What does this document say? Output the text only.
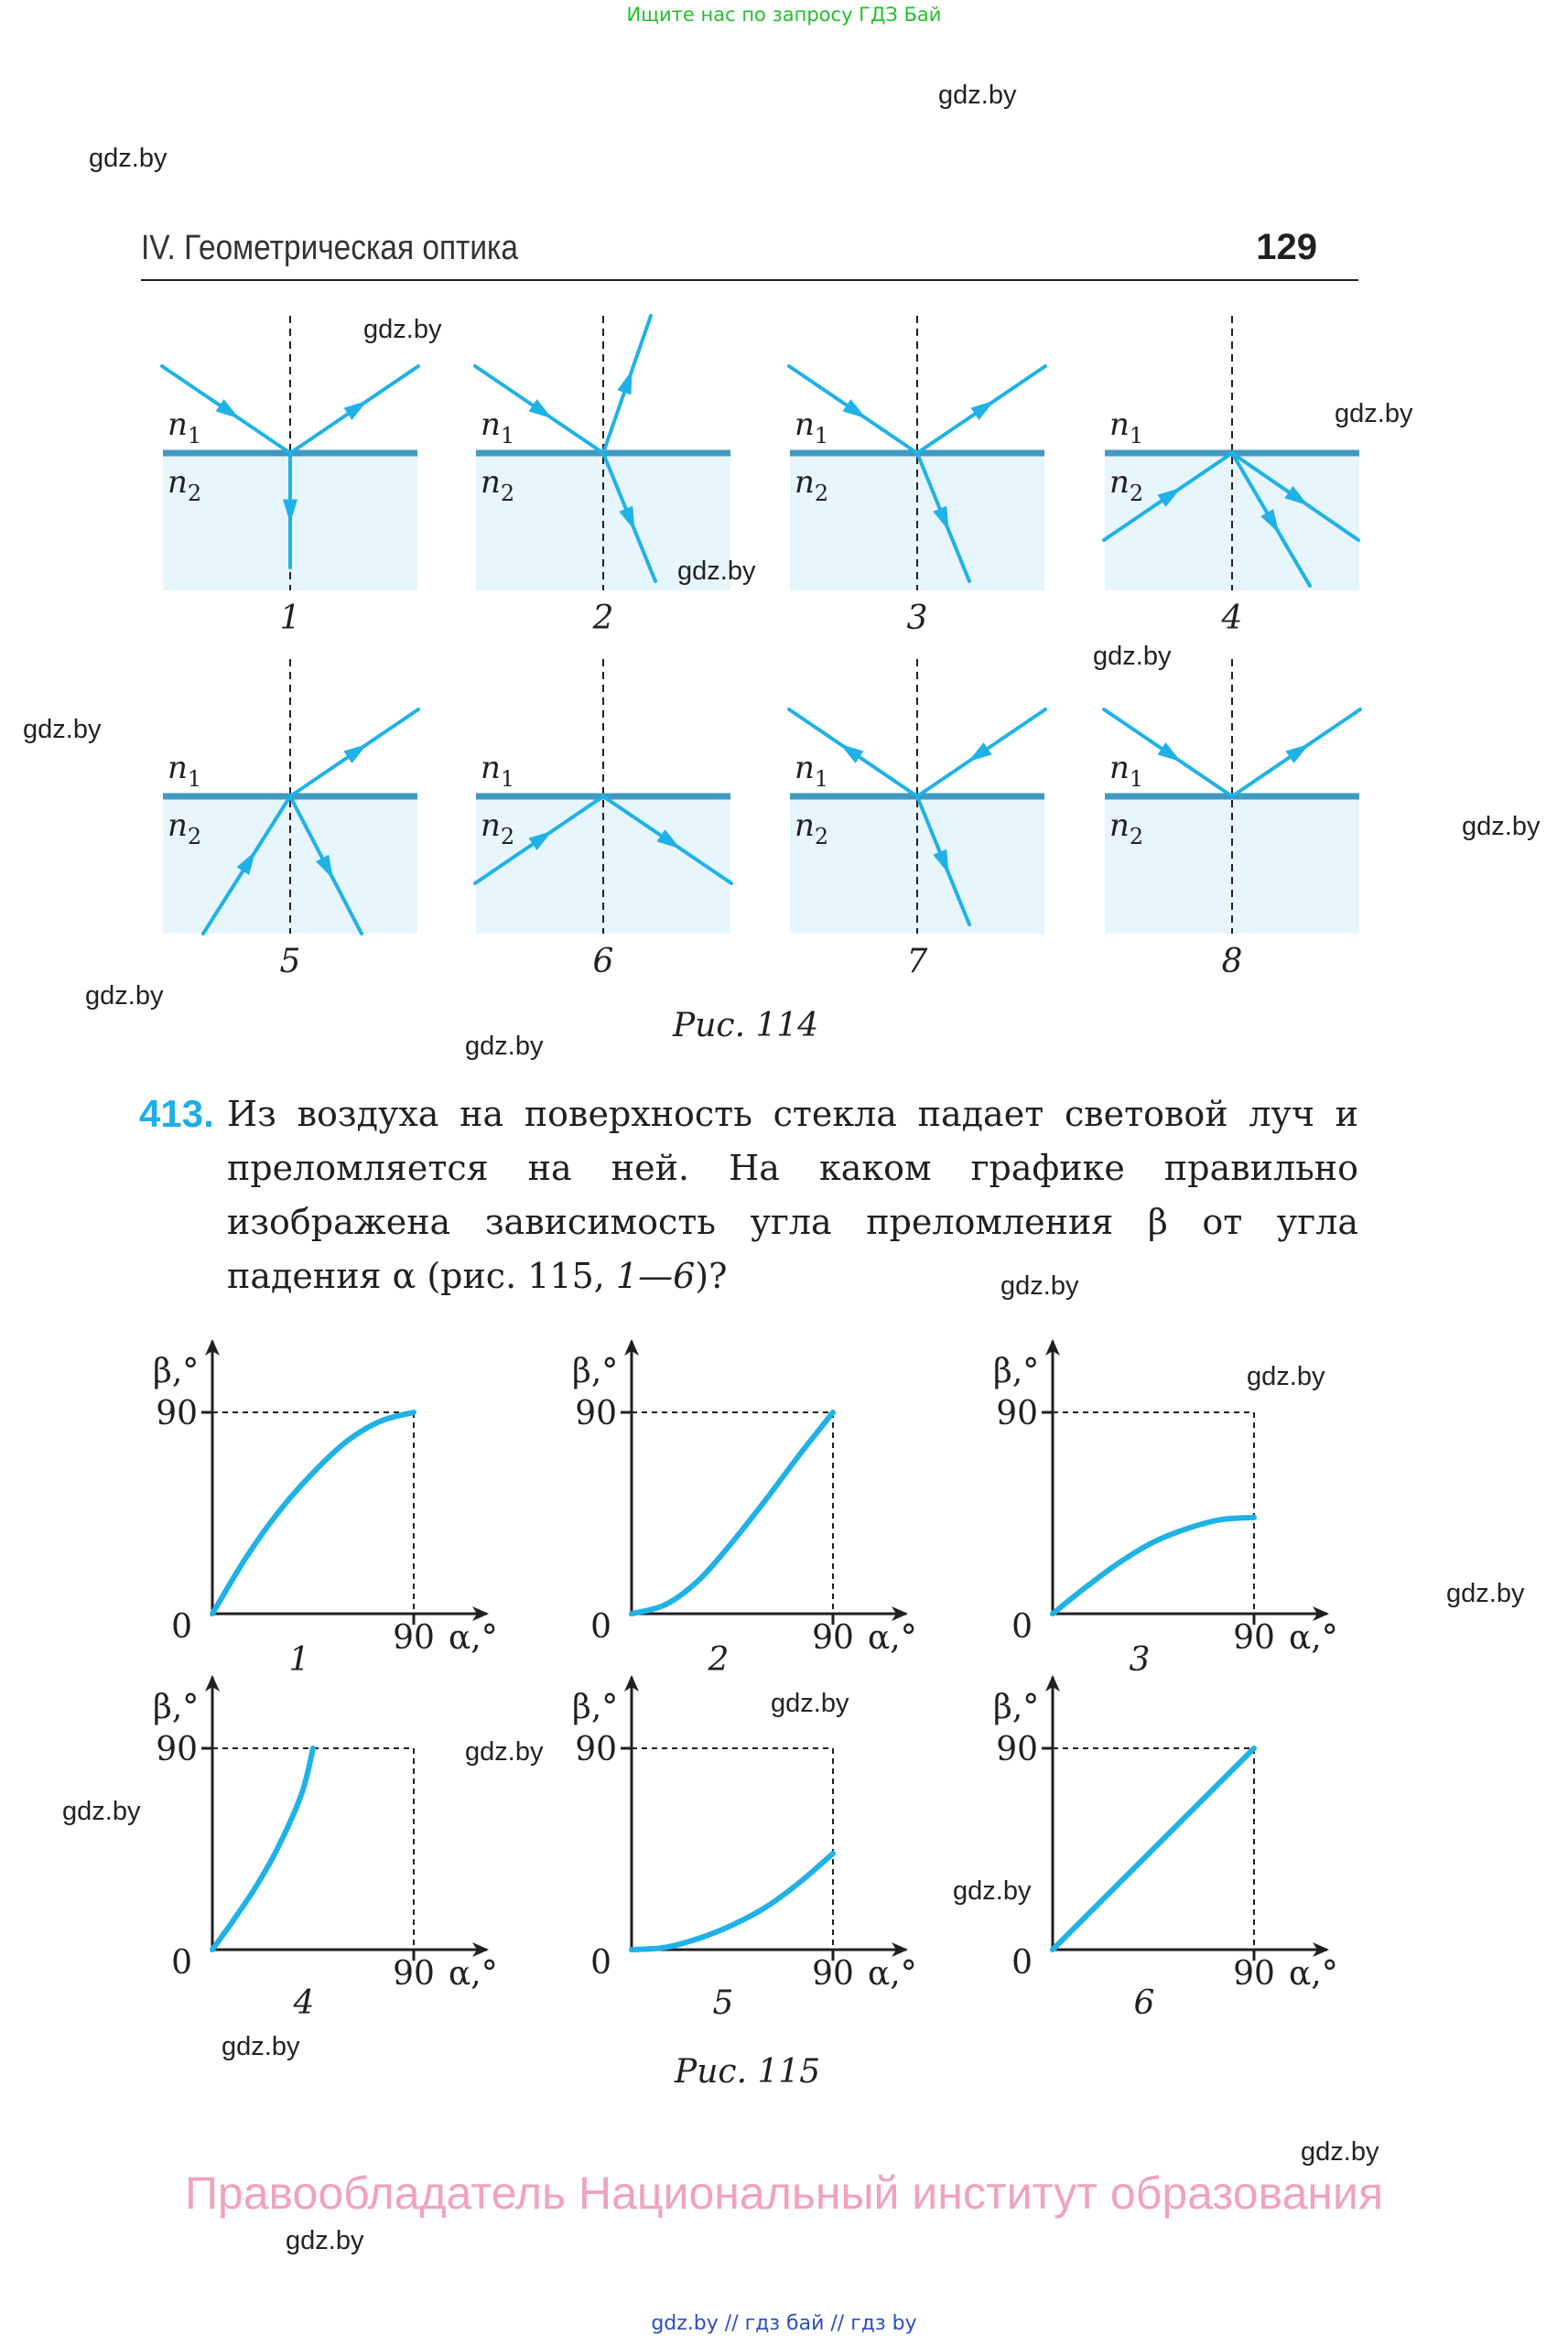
Ищите нас по запросу ГДЗ Бай
IV. Геометрическая оптика	129
$n_1$
$n_2$
1
$n_1$
$n_2$
2
$n_1$
$n_2$
3
$n_1$
$n_2$
4
$n_1$
$n_2$
5
$n_1$
$n_2$
6
$n_1$
$n_2$
7
$n_1$
$n_2$
8
Рис. 114
413. Из воздуха на поверхность стекла падает световой луч и преломляется на ней. На каком графике правильно изображена зависимость угла преломления β от угла падения α (рис. 115, 1—6)?
β,°
90
0	90 α,°
1
β,°
90
0	90 α,°
2
β,°
90
0	90 α,°
3
β,°
90
0	90 α,°
4
β,°
90
0	90 α,°
5
β,°
90
0	90 α,°
6
Рис. 115
gdz.by
gdz.by
gdz.by
gdz.by
gdz.by
gdz.by
gdz.by
gdz.by
gdz.by
gdz.by
gdz.by
gdz.by
gdz.by
gdz.by
gdz.by
gdz.by
gdz.by
gdz.by
gdz.by
gdz.by
Правообладатель Национальный институт образования
gdz.by // гдз бай // гдз by
